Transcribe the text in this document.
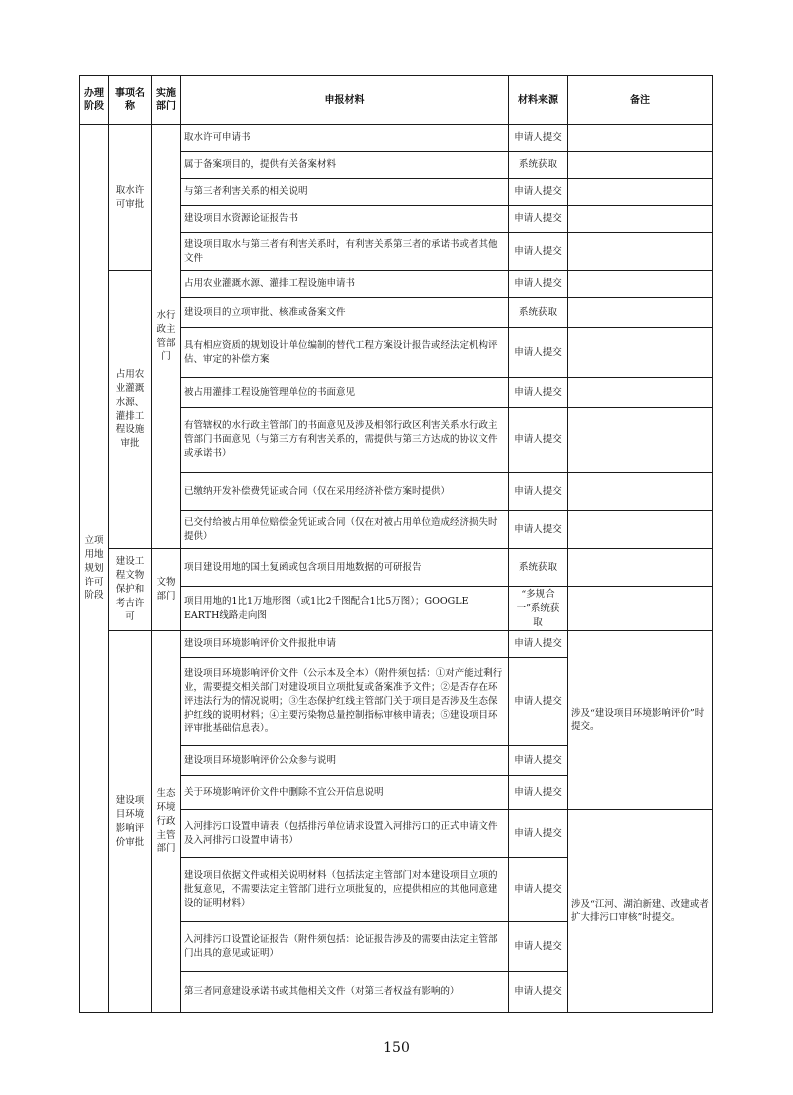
办理阶段	事项名称	实施部门	申报材料	材料来源	备注
立项用地规划许可阶段	取水许可审批	水行政主管部门	取水许可申请书	申请人提交	
			属于备案项目的，提供有关备案材料	系统获取	
			与第三者利害关系的相关说明	申请人提交	
			建设项目水资源论证报告书	申请人提交	
			建设项目取水与第三者有利害关系时，有利害关系第三者的承诺书或者其他文件	申请人提交	
	占用农业灌溉水源、灌排工程设施审批		占用农业灌溉水源、灌排工程设施申请书	申请人提交	
			建设项目的立项审批、核准或备案文件	系统获取	
			具有相应资质的规划设计单位编制的替代工程方案设计报告或经法定机构评估、审定的补偿方案	申请人提交	
			被占用灌排工程设施管理单位的书面意见	申请人提交	
			有管辖权的水行政主管部门的书面意见及涉及相邻行政区利害关系水行政主管部门书面意见（与第三方有利害关系的，需提供与第三方达成的协议文件或承诺书）	申请人提交	
			已缴纳开发补偿费凭证或合同（仅在采用经济补偿方案时提供）	申请人提交	
			已交付给被占用单位赔偿金凭证或合同（仅在对被占用单位造成经济损失时提供）	申请人提交	
	建设工程文物保护和考古许可	文物部门	项目建设用地的国土复函或包含项目用地数据的可研报告	系统获取	
			项目用地的1比1万地形图（或1比2千图配合1比5万图）；GOOGLE EARTH线路走向图	“多规合一”系统获取	
	建设项目环境影响评价审批	生态环境行政主管部门	建设项目环境影响评价文件报批申请	申请人提交	涉及“建设项目环境影响评价”时提交。
			建设项目环境影响评价文件（公示本及全本）（附件须包括：①对产能过剩行业，需要提交相关部门对建设项目立项批复或备案准予文件；②是否存在环评违法行为的情况说明；③生态保护红线主管部门关于项目是否涉及生态保护红线的说明材料；④主要污染物总量控制指标审核申请表；⑤建设项目环评审批基础信息表）。	申请人提交	
			建设项目环境影响评价公众参与说明	申请人提交	
			关于环境影响评价文件中删除不宜公开信息说明	申请人提交	
			入河排污口设置申请表（包括排污单位请求设置入河排污口的正式申请文件及入河排污口设置申请书）	申请人提交	涉及“江河、湖泊新建、改建或者扩大排污口审核”时提交。
			建设项目依据文件或相关说明材料（包括法定主管部门对本建设项目立项的批复意见，不需要法定主管部门进行立项批复的，应提供相应的其他同意建设的证明材料）	申请人提交	
			入河排污口设置论证报告（附件须包括：论证报告涉及的需要由法定主管部门出具的意见或证明）	申请人提交	
			第三者同意建设承诺书或其他相关文件（对第三者权益有影响的）	申请人提交	
150
